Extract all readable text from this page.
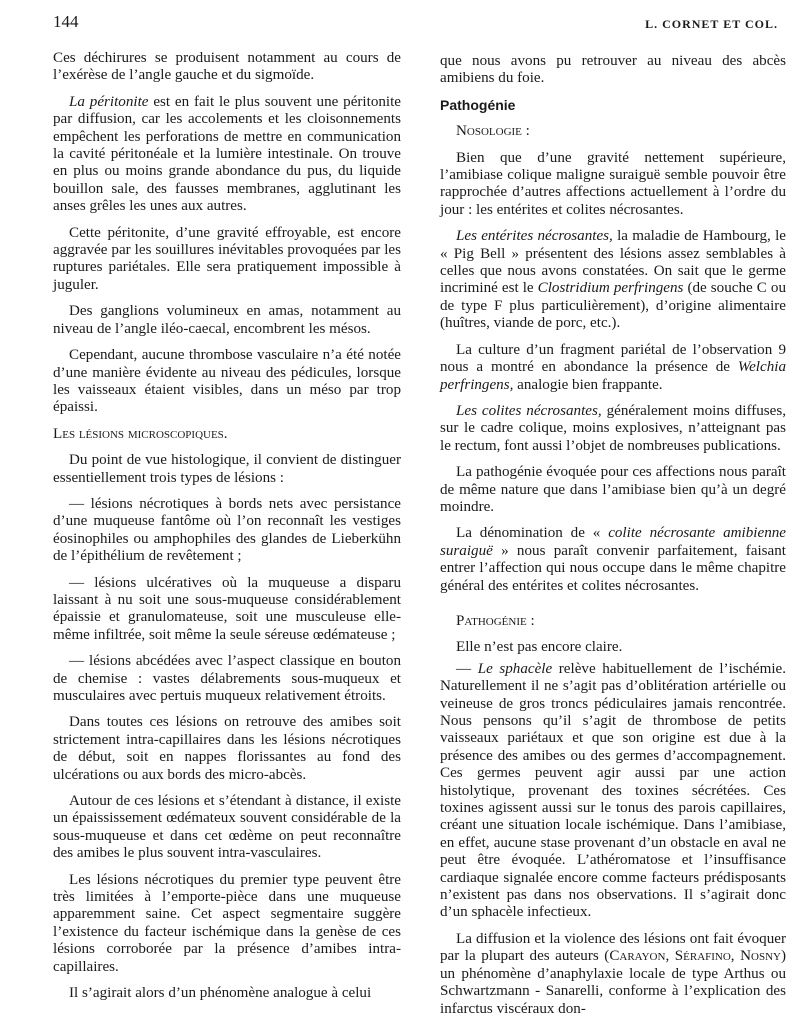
144	L. CORNET ET COL.

Ces déchirures se produisent notamment au cours de l’exérèse de l’angle gauche et du sigmoïde.

La péritonite est en fait le plus souvent une péritonite par diffusion, car les accolements et les cloisonnements empêchent les perforations de mettre en communication la cavité péritonéale et la lumière intestinale. On trouve en plus ou moins grande abondance du pus, du liquide bouillon sale, des fausses membranes, agglutinant les anses grêles les unes aux autres.

Cette péritonite, d’une gravité effroyable, est encore aggravée par les souillures inévitables provoquées par les ruptures pariétales. Elle sera pratiquement impossible à juguler.

Des ganglions volumineux en amas, notamment au niveau de l’angle iléo-caecal, encombrent les mésos.

Cependant, aucune thrombose vasculaire n’a été notée d’une manière évidente au niveau des pédicules, lorsque les vaisseaux étaient visibles, dans un méso par trop épaissi.

Les lésions microscopiques.

Du point de vue histologique, il convient de distinguer essentiellement trois types de lésions :

— lésions nécrotiques à bords nets avec persistance d’une muqueuse fantôme où l’on reconnaît les vestiges éosinophiles ou amphophiles des glandes de Lieberkühn de l’épithélium de revêtement ;

— lésions ulcératives où la muqueuse a disparu laissant à nu soit une sous-muqueuse considérablement épaissie et granulomateuse, soit une musculeuse elle-même infiltrée, soit même la seule séreuse œdémateuse ;

— lésions abcédées avec l’aspect classique en bouton de chemise : vastes délabrements sous-muqueux et musculaires avec pertuis muqueux relativement étroits.

Dans toutes ces lésions on retrouve des amibes soit strictement intra-capillaires dans les lésions nécrotiques de début, soit en nappes florissantes au fond des ulcérations ou aux bords des micro-abcès.

Autour de ces lésions et s’étendant à distance, il existe un épaississement œdémateux souvent considérable de la sous-muqueuse et dans cet œdème on peut reconnaître des amibes le plus souvent intra-vasculaires.

Les lésions nécrotiques du premier type peuvent être très limitées à l’emporte-pièce dans une muqueuse apparemment saine. Cet aspect segmentaire suggère l’existence du facteur ischémique dans la genèse de ces lésions corroborée par la présence d’amibes intra-capillaires.

Il s’agirait alors d’un phénomène analogue à celui

que nous avons pu retrouver au niveau des abcès amibiens du foie.

Pathogénie

Nosologie :

Bien que d’une gravité nettement supérieure, l’amibiase colique maligne suraiguë semble pouvoir être rapprochée d’autres affections actuellement à l’ordre du jour : les entérites et colites nécrosantes.

Les entérites nécrosantes, la maladie de Hambourg, le « Pig Bell » présentent des lésions assez semblables à celles que nous avons constatées. On sait que le germe incriminé est le Clostridium perfringens (de souche C ou de type F plus particulièrement), d’origine alimentaire (huîtres, viande de porc, etc.).

La culture d’un fragment pariétal de l’observation 9 nous a montré en abondance la présence de Welchia perfringens, analogie bien frappante.

Les colites nécrosantes, généralement moins diffuses, sur le cadre colique, moins explosives, n’atteignant pas le rectum, font aussi l’objet de nombreuses publications.

La pathogénie évoquée pour ces affections nous paraît de même nature que dans l’amibiase bien qu’à un degré moindre.

La dénomination de « colite nécrosante amibienne suraiguë » nous paraît convenir parfaitement, faisant entrer l’affection qui nous occupe dans le même chapitre général des entérites et colites nécrosantes.

Pathogénie :

Elle n’est pas encore claire.

— Le sphacèle relève habituellement de l’ischémie. Naturellement il ne s’agit pas d’oblitération artérielle ou veineuse de gros troncs pédiculaires jamais rencontrée. Nous pensons qu’il s’agit de thrombose de petits vaisseaux pariétaux et que son origine est due à la présence des amibes ou des germes d’accompagnement. Ces germes peuvent agir aussi par une action histolytique, provenant des toxines sécrétées. Ces toxines agissent aussi sur le tonus des parois capillaires, créant une situation locale ischémique. Dans l’amibiase, en effet, aucune stase provenant d’un obstacle en aval ne peut être évoquée. L’athéromatose et l’insuffisance cardiaque signalée encore comme facteurs prédisposants n’existent pas dans nos observations. Il s’agirait donc d’un sphacèle infectieux.

La diffusion et la violence des lésions ont fait évoquer par la plupart des auteurs (Carayon, Sérafino, Nosny) un phénomène d’anaphylaxie locale de type Arthus ou Schwartzmann - Sanarelli, conforme à l’explication des infarctus viscéraux don-
